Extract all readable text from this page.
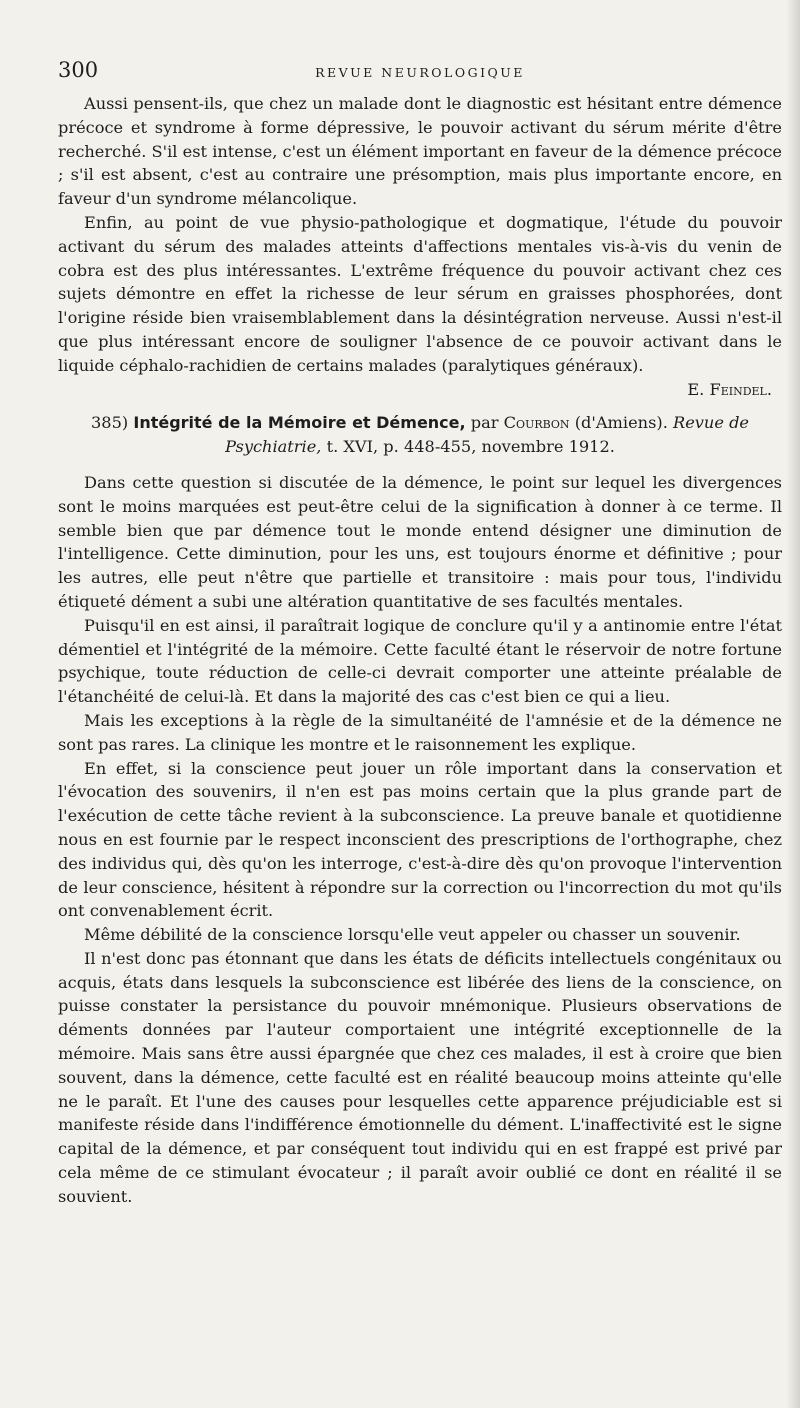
300	REVUE NEUROLOGIQUE

Aussi pensent-ils, que chez un malade dont le diagnostic est hésitant entre démence précoce et syndrome à forme dépressive, le pouvoir activant du sérum mérite d'être recherché. S'il est intense, c'est un élément important en faveur de la démence précoce ; s'il est absent, c'est au contraire une présomption, mais plus importante encore, en faveur d'un syndrome mélancolique.

Enfin, au point de vue physio-pathologique et dogmatique, l'étude du pouvoir activant du sérum des malades atteints d'affections mentales vis-à-vis du venin de cobra est des plus intéressantes. L'extrême fréquence du pouvoir activant chez ces sujets démontre en effet la richesse de leur sérum en graisses phosphorées, dont l'origine réside bien vraisemblablement dans la désintégration nerveuse. Aussi n'est-il que plus intéressant encore de souligner l'absence de ce pouvoir activant dans le liquide céphalo-rachidien de certains malades (paralytiques généraux).

E. Feindel.
385) Intégrité de la Mémoire et Démence, par Courbon (d'Amiens). Revue de Psychiatrie, t. XVI, p. 448-455, novembre 1912.

Dans cette question si discutée de la démence, le point sur lequel les divergences sont le moins marquées est peut-être celui de la signification à donner à ce terme. Il semble bien que par démence tout le monde entend désigner une diminution de l'intelligence. Cette diminution, pour les uns, est toujours énorme et définitive ; pour les autres, elle peut n'être que partielle et transitoire : mais pour tous, l'individu étiqueté dément a subi une altération quantitative de ses facultés mentales.

Puisqu'il en est ainsi, il paraîtrait logique de conclure qu'il y a antinomie entre l'état démentiel et l'intégrité de la mémoire. Cette faculté étant le réservoir de notre fortune psychique, toute réduction de celle-ci devrait comporter une atteinte préalable de l'étanchéité de celui-là. Et dans la majorité des cas c'est bien ce qui a lieu.

Mais les exceptions à la règle de la simultanéité de l'amnésie et de la démence ne sont pas rares. La clinique les montre et le raisonnement les explique.

En effet, si la conscience peut jouer un rôle important dans la conservation et l'évocation des souvenirs, il n'en est pas moins certain que la plus grande part de l'exécution de cette tâche revient à la subconscience. La preuve banale et quotidienne nous en est fournie par le respect inconscient des prescriptions de l'orthographe, chez des individus qui, dès qu'on les interroge, c'est-à-dire dès qu'on provoque l'intervention de leur conscience, hésitent à répondre sur la correction ou l'incorrection du mot qu'ils ont convenablement écrit.

Même débilité de la conscience lorsqu'elle veut appeler ou chasser un souvenir.

Il n'est donc pas étonnant que dans les états de déficits intellectuels congénitaux ou acquis, états dans lesquels la subconscience est libérée des liens de la conscience, on puisse constater la persistance du pouvoir mnémonique. Plusieurs observations de déments données par l'auteur comportaient une intégrité exceptionnelle de la mémoire. Mais sans être aussi épargnée que chez ces malades, il est à croire que bien souvent, dans la démence, cette faculté est en réalité beaucoup moins atteinte qu'elle ne le paraît. Et l'une des causes pour lesquelles cette apparence préjudiciable est si manifeste réside dans l'indifférence émotionnelle du dément. L'inaffectivité est le signe capital de la démence, et par conséquent tout individu qui en est frappé est privé par cela même de ce stimulant évocateur ; il paraît avoir oublié ce dont en réalité il se souvient.
